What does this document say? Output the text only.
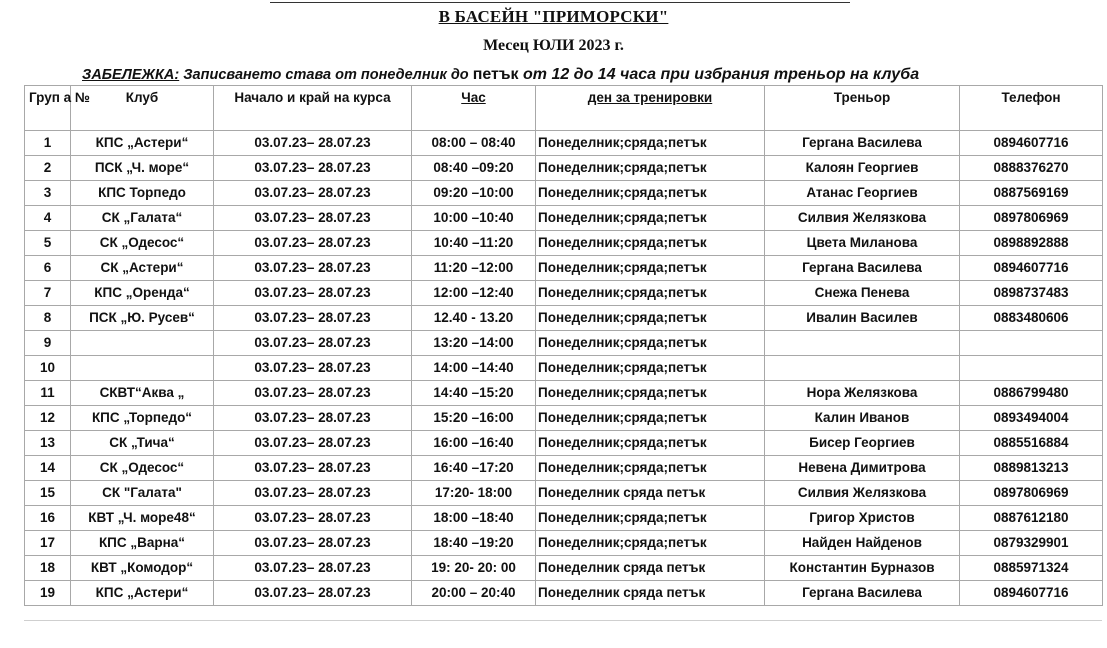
В БАСЕЙН "ПРИМОРСКИ"
Месец ЮЛИ 2023 г.
ЗАБЕЛЕЖКА: Записването става от понеделник до петък от 12 до 14 часа при избрания треньор на клуба
Груп а №	Клуб	Начало и край на курса	Час	ден за тренировки	Треньор	Телефон
1	КПС „Астери“	03.07.23– 28.07.23	08:00 – 08:40	Понеделник;сряда;петък	Гергана Василева	0894607716
2	ПСК „Ч. море“	03.07.23– 28.07.23	08:40 –09:20	Понеделник;сряда;петък	Калоян Георгиев	0888376270
3	КПС Торпедо	03.07.23– 28.07.23	09:20 –10:00	Понеделник;сряда;петък	Атанас Георгиев	0887569169
4	СК „Галата“	03.07.23– 28.07.23	10:00 –10:40	Понеделник;сряда;петък	Силвия Желязкова	0897806969
5	СК „Одесос“	03.07.23– 28.07.23	10:40 –11:20	Понеделник;сряда;петък	Цвета Миланова	0898892888
6	СК „Астери“	03.07.23– 28.07.23	11:20 –12:00	Понеделник;сряда;петък	Гергана Василева	0894607716
7	КПС „Оренда“	03.07.23– 28.07.23	12:00 –12:40	Понеделник;сряда;петък	Снежа Пенева	0898737483
8	ПСК „Ю. Русев“	03.07.23– 28.07.23	12.40 - 13.20	Понеделник;сряда;петък	Ивалин Василев	0883480606
9		03.07.23– 28.07.23	13:20 –14:00	Понеделник;сряда;петък		
10		03.07.23– 28.07.23	14:00 –14:40	Понеделник;сряда;петък		
11	СКВТ“Аква „	03.07.23– 28.07.23	14:40 –15:20	Понеделник;сряда;петък	Нора Желязкова	0886799480
12	КПС „Торпедо“	03.07.23– 28.07.23	15:20 –16:00	Понеделник;сряда;петък	Калин Иванов	0893494004
13	СК „Тича“	03.07.23– 28.07.23	16:00 –16:40	Понеделник;сряда;петък	Бисер Георгиев	0885516884
14	СК „Одесос“	03.07.23– 28.07.23	16:40 –17:20	Понеделник;сряда;петък	Невена Димитрова	0889813213
15	СК "Галата"	03.07.23– 28.07.23	17:20- 18:00	Понеделник сряда петък	Силвия Желязкова	0897806969
16	КВТ „Ч. море48“	03.07.23– 28.07.23	18:00 –18:40	Понеделник;сряда;петък	Григор Христов	0887612180
17	КПС „Варна“	03.07.23– 28.07.23	18:40 –19:20	Понеделник;сряда;петък	Найден Найденов	0879329901
18	КВТ „Комодор“	03.07.23– 28.07.23	19: 20- 20: 00	Понеделник сряда петък	Константин Бурназов	0885971324
19	КПС „Астери“	03.07.23– 28.07.23	20:00 – 20:40	Понеделник сряда петък	Гергана Василева	0894607716
